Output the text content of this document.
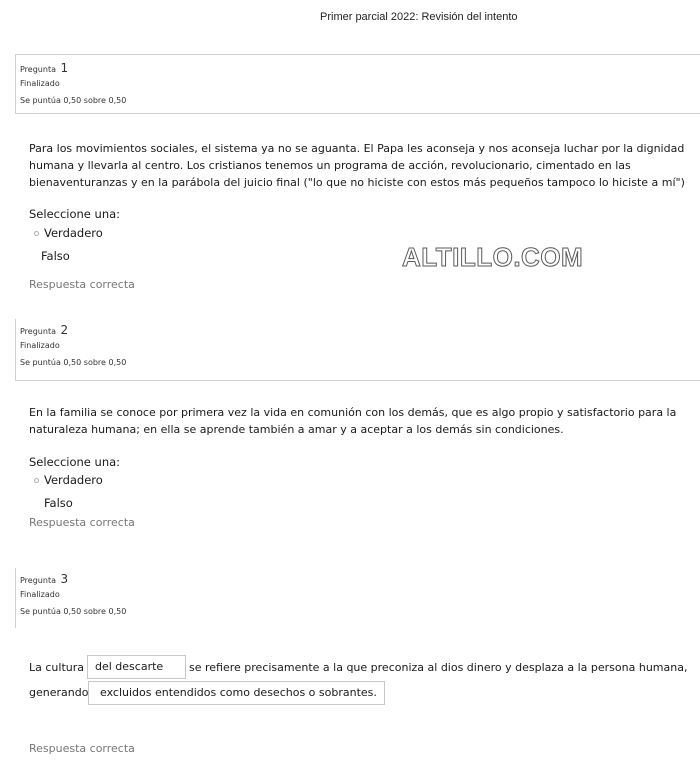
Primer parcial 2022: Revisión del intento
Pregunta 1
Finalizado
Se puntúa 0,50 sobre 0,50
Para los movimientos sociales, el sistema ya no se aguanta. El Papa les aconseja y nos aconseja luchar por la dignidad humana y llevarla al centro. Los cristianos tenemos un programa de acción, revolucionario, cimentado en las bienaventuranzas y en la parábola del juicio final ("lo que no hiciste con estos más pequeños tampoco lo hiciste a mí")
Seleccione una:
Verdadero
Falso	ALTILLO.COM
Respuesta correcta
Pregunta 2
Finalizado
Se puntúa 0,50 sobre 0,50
En la familia se conoce por primera vez la vida en comunión con los demás, que es algo propio y satisfactorio para la naturaleza humana; en ella se aprende también a amar y a aceptar a los demás sin condiciones.
Seleccione una:
Verdadero
Falso
Respuesta correcta
Pregunta 3
Finalizado
Se puntúa 0,50 sobre 0,50
La cultura	del descarte	se refiere precisamente a la que preconiza al dios dinero y desplaza a la persona humana,
generando	excluidos entendidos como desechos o sobrantes.
Respuesta correcta
